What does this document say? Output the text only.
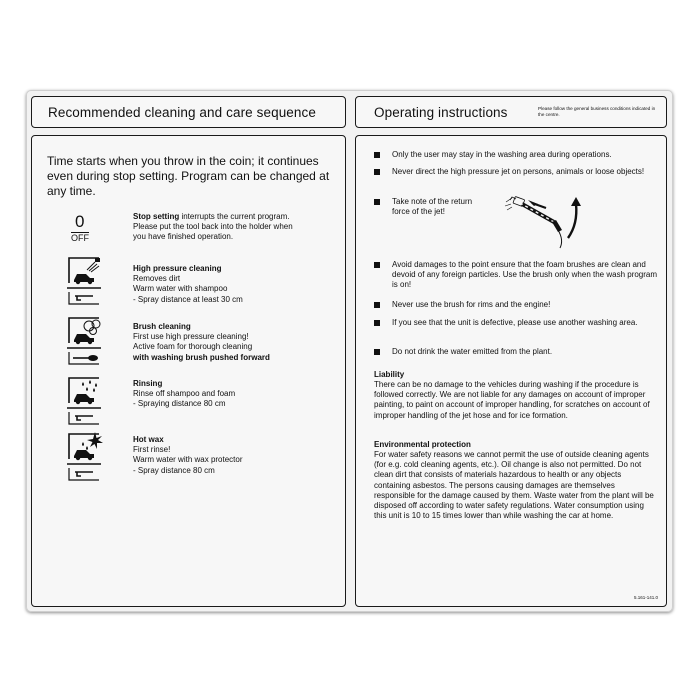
Recommended cleaning and care sequence	Operating instructions	Please follow the general business conditions indicated in the centre.
Time starts when you throw in the coin; it continues even during stop setting. Program can be changed at any time.
0
OFF
Stop setting interrupts the current program.
Please put the tool back into the holder when
you have finished operation.
High pressure cleaning
Removes dirt
Warm water with shampoo
- Spray distance at least 30 cm
Brush cleaning
First use high pressure cleaning!
Active foam for thorough cleaning
with washing brush pushed forward
Rinsing
Rinse off shampoo and foam
- Spraying distance 80 cm
Hot wax
First rinse!
Warm water with wax protector
- Spray distance 80 cm
Only the user may stay in the washing area during operations.
Never direct the high pressure jet on persons, animals or loose objects!
Take note of the return force of the jet!
Avoid damages to the point ensure that the foam brushes are clean and devoid of any foreign particles. Use the brush only when the wash program is on!
Never use the brush for rims and the engine!
If you see that the unit is defective, please use another washing area.
Do not drink the water emitted from the plant.
Liability
There can be no damage to the vehicles during washing if the procedure is followed correctly. We are not liable for any damages on account of improper painting, to paint on account of improper handling, for scratches on account of improper handling of the jet hose and for ice formation.
Environmental protection
For water safety reasons we cannot permit the use of outside cleaning agents (for e.g. cold cleaning agents, etc.). Oil change is also not permitted. Do not clean dirt that consists of materials hazardous to health or any objects containing asbestos. The persons causing damages are themselves responsible for the damage caused by them. Waste water from the plant will be disposed off according to water safety regulations. Water consumption using this unit is 10 to 15 times lower than while washing the car at home.
5.161-141.0
